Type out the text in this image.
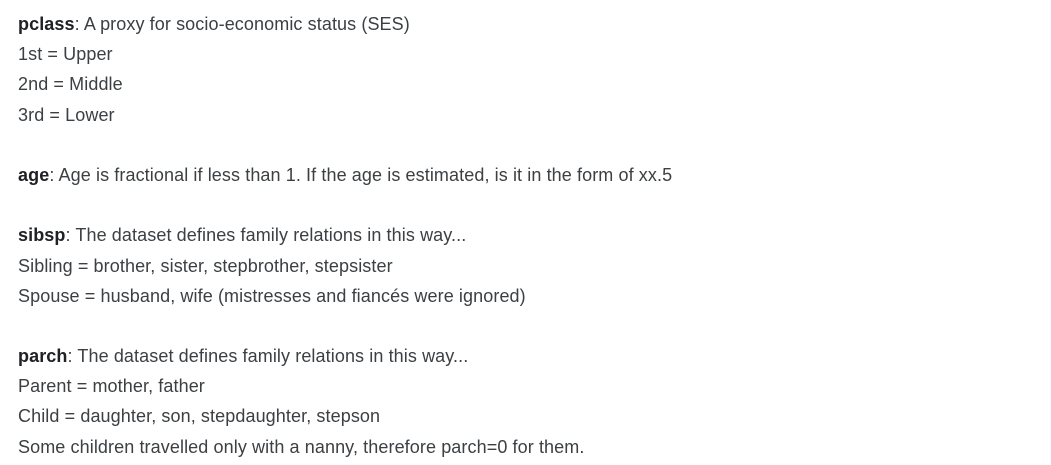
pclass: A proxy for socio-economic status (SES)
1st = Upper
2nd = Middle
3rd = Lower
age: Age is fractional if less than 1. If the age is estimated, is it in the form of xx.5
sibsp: The dataset defines family relations in this way...
Sibling = brother, sister, stepbrother, stepsister
Spouse = husband, wife (mistresses and fiancés were ignored)
parch: The dataset defines family relations in this way...
Parent = mother, father
Child = daughter, son, stepdaughter, stepson
Some children travelled only with a nanny, therefore parch=0 for them.
